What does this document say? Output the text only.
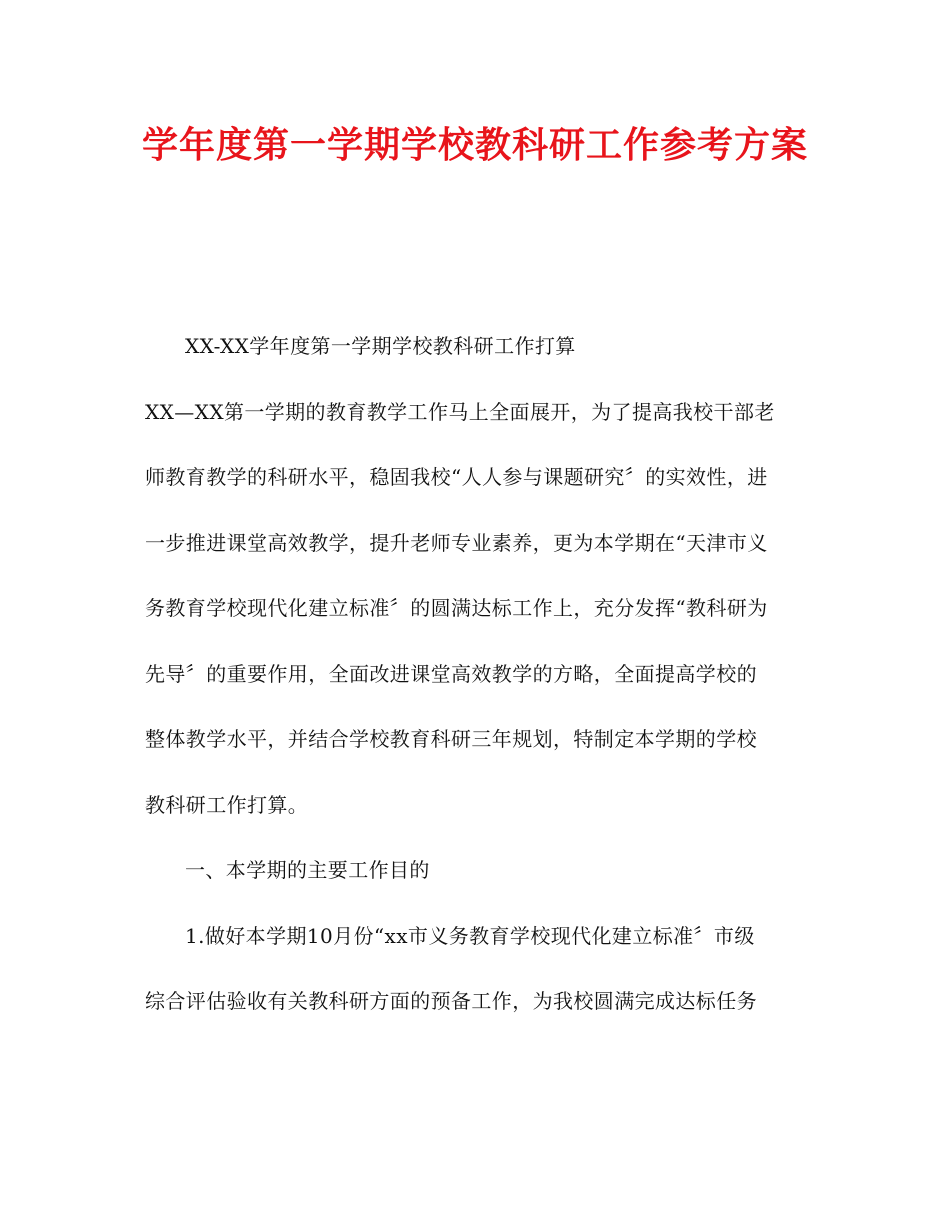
学年度第一学期学校教科研工作参考方案

XX-XX学年度第一学期学校教科研工作打算

XX—XX第一学期的教育教学工作马上全面展开，为了提高我校干部老

师教育教学的科研水平，稳固我校“人人参与课题研究〞的实效性，进

一步推进课堂高效教学，提升老师专业素养，更为本学期在“天津市义

务教育学校现代化建立标准〞的圆满达标工作上，充分发挥“教科研为

先导〞的重要作用，全面改进课堂高效教学的方略，全面提高学校的

整体教学水平，并结合学校教育科研三年规划，特制定本学期的学校

教科研工作打算。

一、本学期的主要工作目的

1.做好本学期10月份“xx市义务教育学校现代化建立标准〞市级

综合评估验收有关教科研方面的预备工作，为我校圆满完成达标任务
